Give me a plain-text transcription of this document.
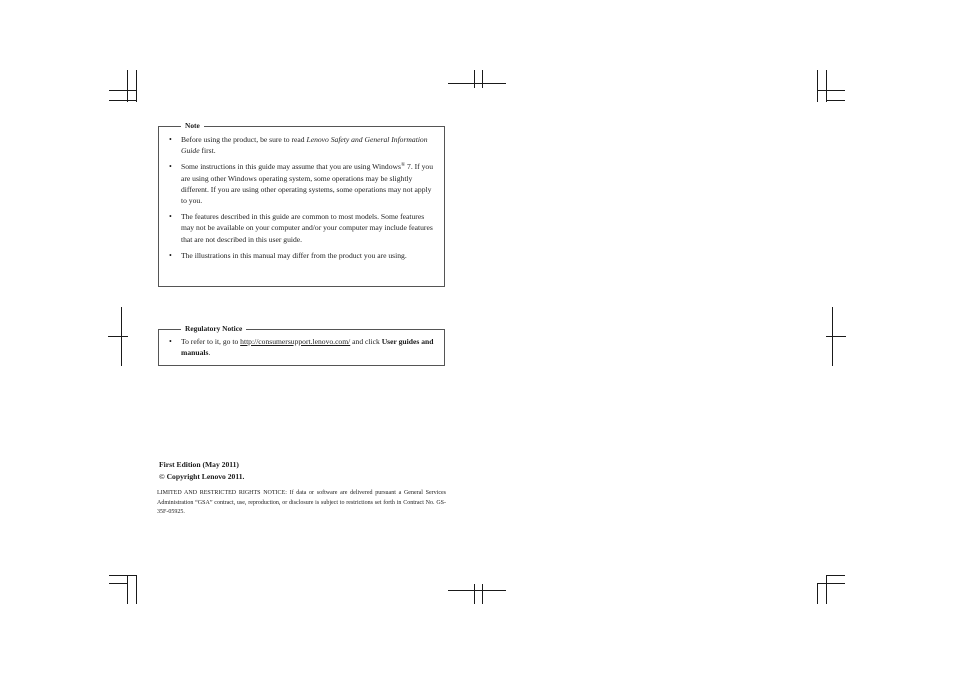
Note
• Before using the product, be sure to read Lenovo Safety and General Information Guide first.
• Some instructions in this guide may assume that you are using Windows® 7. If you are using other Windows operating system, some operations may be slightly different. If you are using other operating systems, some operations may not apply to you.
• The features described in this guide are common to most models. Some features may not be available on your computer and/or your computer may include features that are not described in this user guide.
• The illustrations in this manual may differ from the product you are using.
Regulatory Notice
• To refer to it, go to http://consumersupport.lenovo.com/ and click User guides and manuals.
First Edition (May 2011)
© Copyright Lenovo 2011.
LIMITED AND RESTRICTED RIGHTS NOTICE: If data or software are delivered pursuant a General Services Administration “GSA” contract, use, reproduction, or disclosure is subject to restrictions set forth in Contract No. GS-35F-05925.
